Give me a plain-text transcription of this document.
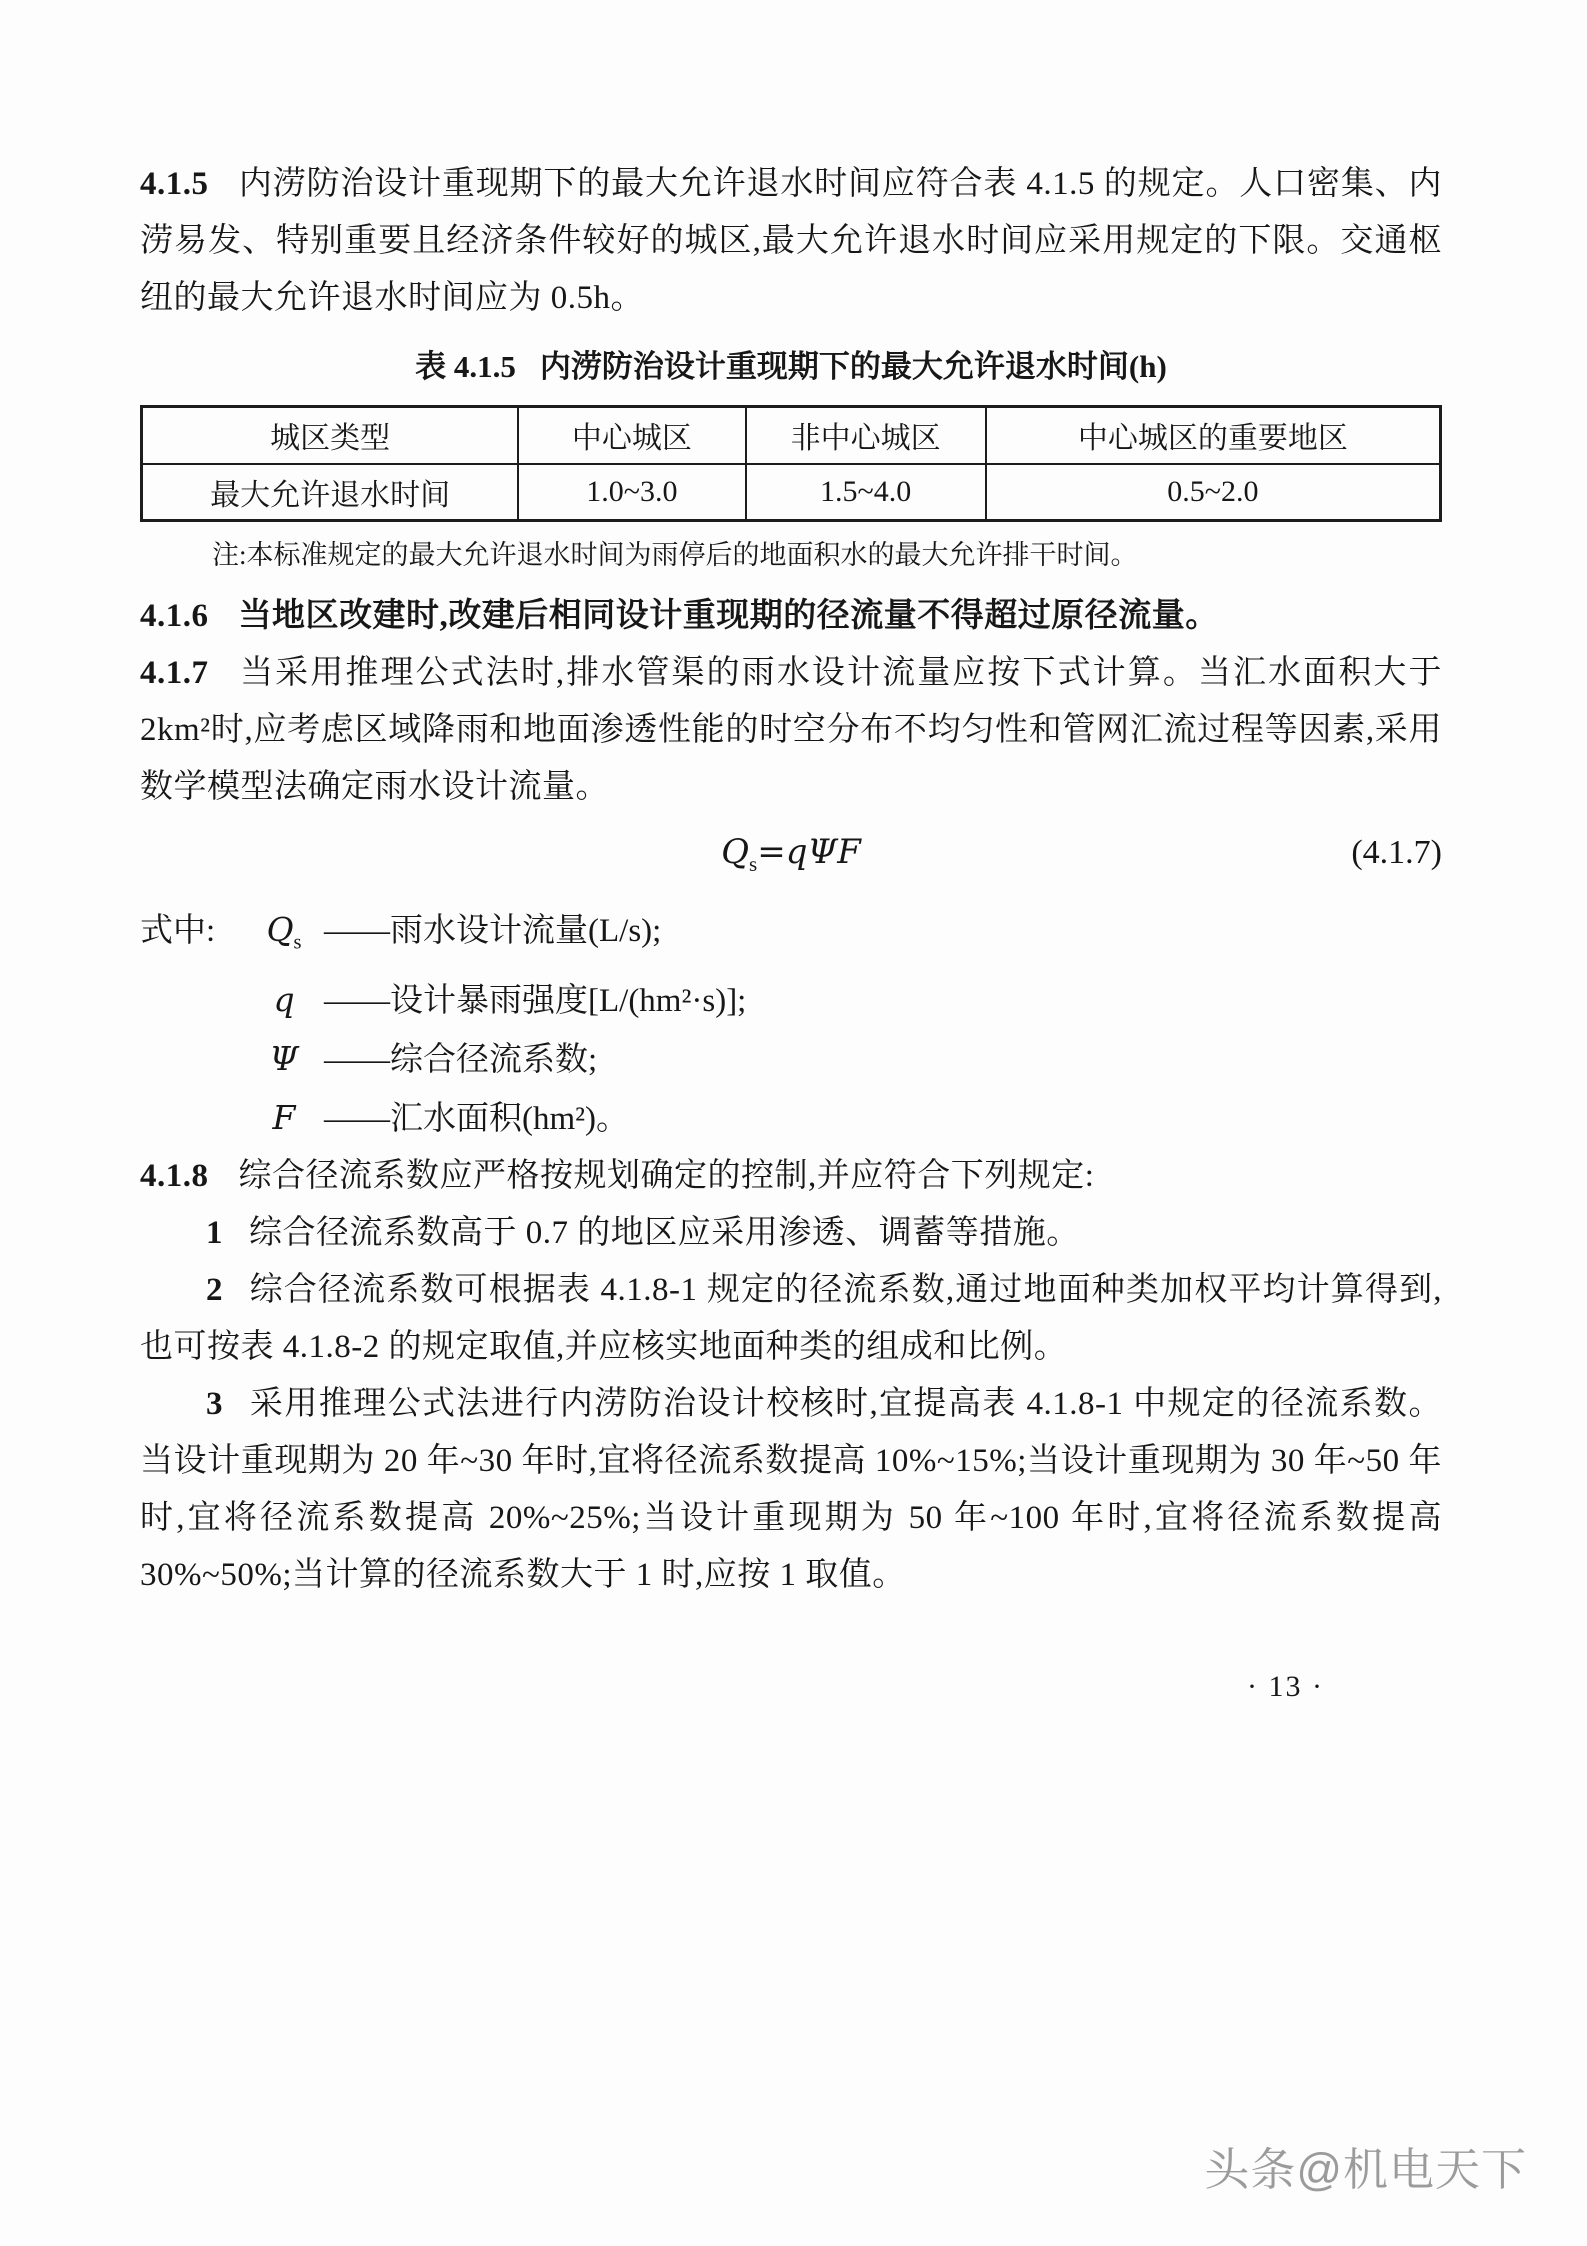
4.1.5 内涝防治设计重现期下的最大允许退水时间应符合表 4.1.5 的规定。人口密集、内涝易发、特别重要且经济条件较好的城区,最大允许退水时间应采用规定的下限。交通枢纽的最大允许退水时间应为 0.5h。

表 4.1.5 内涝防治设计重现期下的最大允许退水时间(h)
城区类型	中心城区	非中心城区	中心城区的重要地区
最大允许退水时间	1.0~3.0	1.5~4.0	0.5~2.0
注:本标准规定的最大允许退水时间为雨停后的地面积水的最大允许排干时间。

4.1.6 当地区改建时,改建后相同设计重现期的径流量不得超过原径流量。

4.1.7 当采用推理公式法时,排水管渠的雨水设计流量应按下式计算。当汇水面积大于 2km²时,应考虑区域降雨和地面渗透性能的时空分布不均匀性和管网汇流过程等因素,采用数学模型法确定雨水设计流量。

$Q_s=q\Psi F$	(4.1.7)
式中:	$Q_s$ —— 雨水设计流量(L/s);
q —— 设计暴雨强度[L/(hm²·s)];
Ψ —— 综合径流系数;
F —— 汇水面积(hm²)。

4.1.8 综合径流系数应严格按规划确定的控制,并应符合下列规定:

1 综合径流系数高于 0.7 的地区应采用渗透、调蓄等措施。

2 综合径流系数可根据表 4.1.8-1 规定的径流系数,通过地面种类加权平均计算得到,也可按表 4.1.8-2 的规定取值,并应核实地面种类的组成和比例。

3 采用推理公式法进行内涝防治设计校核时,宜提高表 4.1.8-1 中规定的径流系数。当设计重现期为 20 年~30 年时,宜将径流系数提高 10%~15%;当设计重现期为 30 年~50 年时,宜将径流系数提高 20%~25%;当设计重现期为 50 年~100 年时,宜将径流系数提高 30%~50%;当计算的径流系数大于 1 时,应按 1 取值。

· 13 ·
头条@机电天下
